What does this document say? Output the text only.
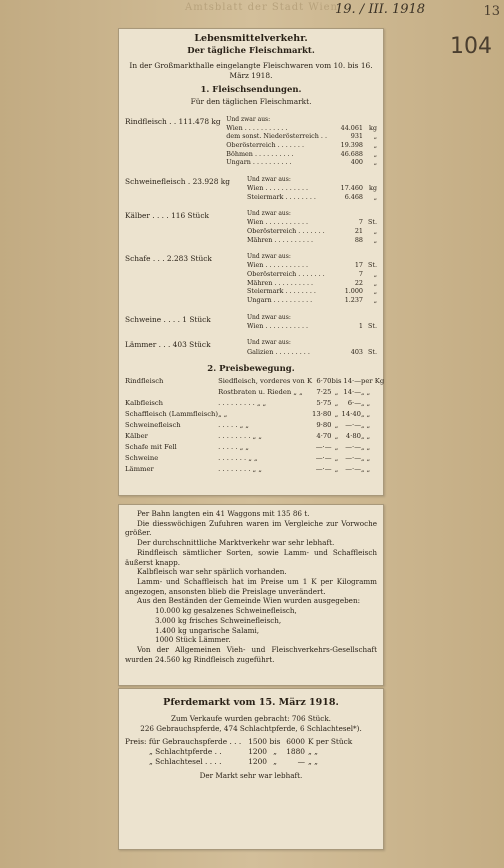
Amtsblatt der Stadt Wien
19. / III. 1918	13
104
Lebensmittelverkehr.
Der tägliche Fleischmarkt.
In der Großmarkthalle eingelangte Fleischwaren vom 10. bis 16. März 1918.
1. Fleischsendungen.
Für den täglichen Fleischmarkt.
Rindfleisch . . 111.478 kg Und zwar aus:
Wien . . . . . . . . . . .	44.061 kg
dem sonst. Niederösterreich . .	931	„
Oberösterreich . . . . . . .	19.398	„
Böhmen . . . . . . . . . .	46.688	„
Ungarn . . . . . . . . . .	400	„
Schweinefleisch . 23.928 kg	Und zwar aus:
Wien . . . . . . . . . . .	17.460 kg
Steiermark . . . . . . . .	6.468	„
Kälber . . . . 116 Stück	Und zwar aus:
Wien . . . . . . . . . . .	7 St.
Oberösterreich . . . . . . .	21	„
Mähren . . . . . . . . . .	88	„
Schafe . . . 2.283 Stück	Und zwar aus:
Wien . . . . . . . . . . .	17 St.
Oberösterreich . . . . . . .	7	„
Mähren . . . . . . . . . .	22	„
Steiermark . . . . . . . .	1.000	„
Ungarn . . . . . . . . . .	1.237	„
Schweine . . . . 1 Stück	Und zwar aus:
Wien . . . . . . . . . . .	1 St.
Lämmer . . . 403 Stück	Und zwar aus:
Galizien . . . . . . . . .	403 St.
2. Preisbewegung.
Rindfleisch	Siedfleisch, vorderes von K	6·70	bis	14·—	per Kg
	Rostbraten u. Rieden „ „	7·25	„	14·—	„ „
Kalbfleisch	. . . . . . . . . „ „	5·75	„	6·—	„ „
Schaffleisch (Lammfleisch)	„ „	13·80	„	14·40	„ „
Schweinefleisch	. . . . . „ „	9·80	„	—·—	„ „
Kälber	. . . . . . . . „ „	4·70	„	4·80	„ „
Schafe mit Fell	. . . . . „ „	—·—	„	—·—	„ „
Schweine	. . . . . . . „ „	—·—	„	—·—	„ „
Lämmer	. . . . . . . . „ „	—·—	„	—·—	„ „
Per Bahn langten ein 41 Waggons mit 135 86 t.
Die diesswöchigen Zufuhren waren im Vergleiche zur Vorwoche größer.
Der durchschnittliche Marktverkehr war sehr lebhaft.
Rindfleisch sämtlicher Sorten, sowie Lamm- und Schaffleisch äußerst knapp.
Kalbfleisch war sehr spärlich vorhanden.
Lamm- und Schaffleisch hat im Preise um 1 K per Kilogramm angezogen, ansonsten blieb die Preislage unverändert.
Aus den Beständen der Gemeinde Wien wurden ausgegeben:
10.000 kg gesalzenes Schweinefleisch,
3.000 kg frisches Schweinefleisch,
1.400 kg ungarische Salami,
1000 Stück Lämmer.
Von der Allgemeinen Vieh- und Fleischverkehrs-Gesellschaft wurden 24.560 kg Rindfleisch zugeführt.
Pferdemarkt vom 15. März 1918.
Zum Verkaufe wurden gebracht: 706 Stück.
226 Gebrauchspferde, 474 Schlachtpferde, 6 Schlachtesel*).
Preis: für Gebrauchspferde . . . 1500 bis 6000 K per Stück
„ Schlachtpferde . .	1200 „	1880 „ „
„ Schlachtesel . . . .	1200 „	— „ „
Der Markt sehr war lebhaft.
